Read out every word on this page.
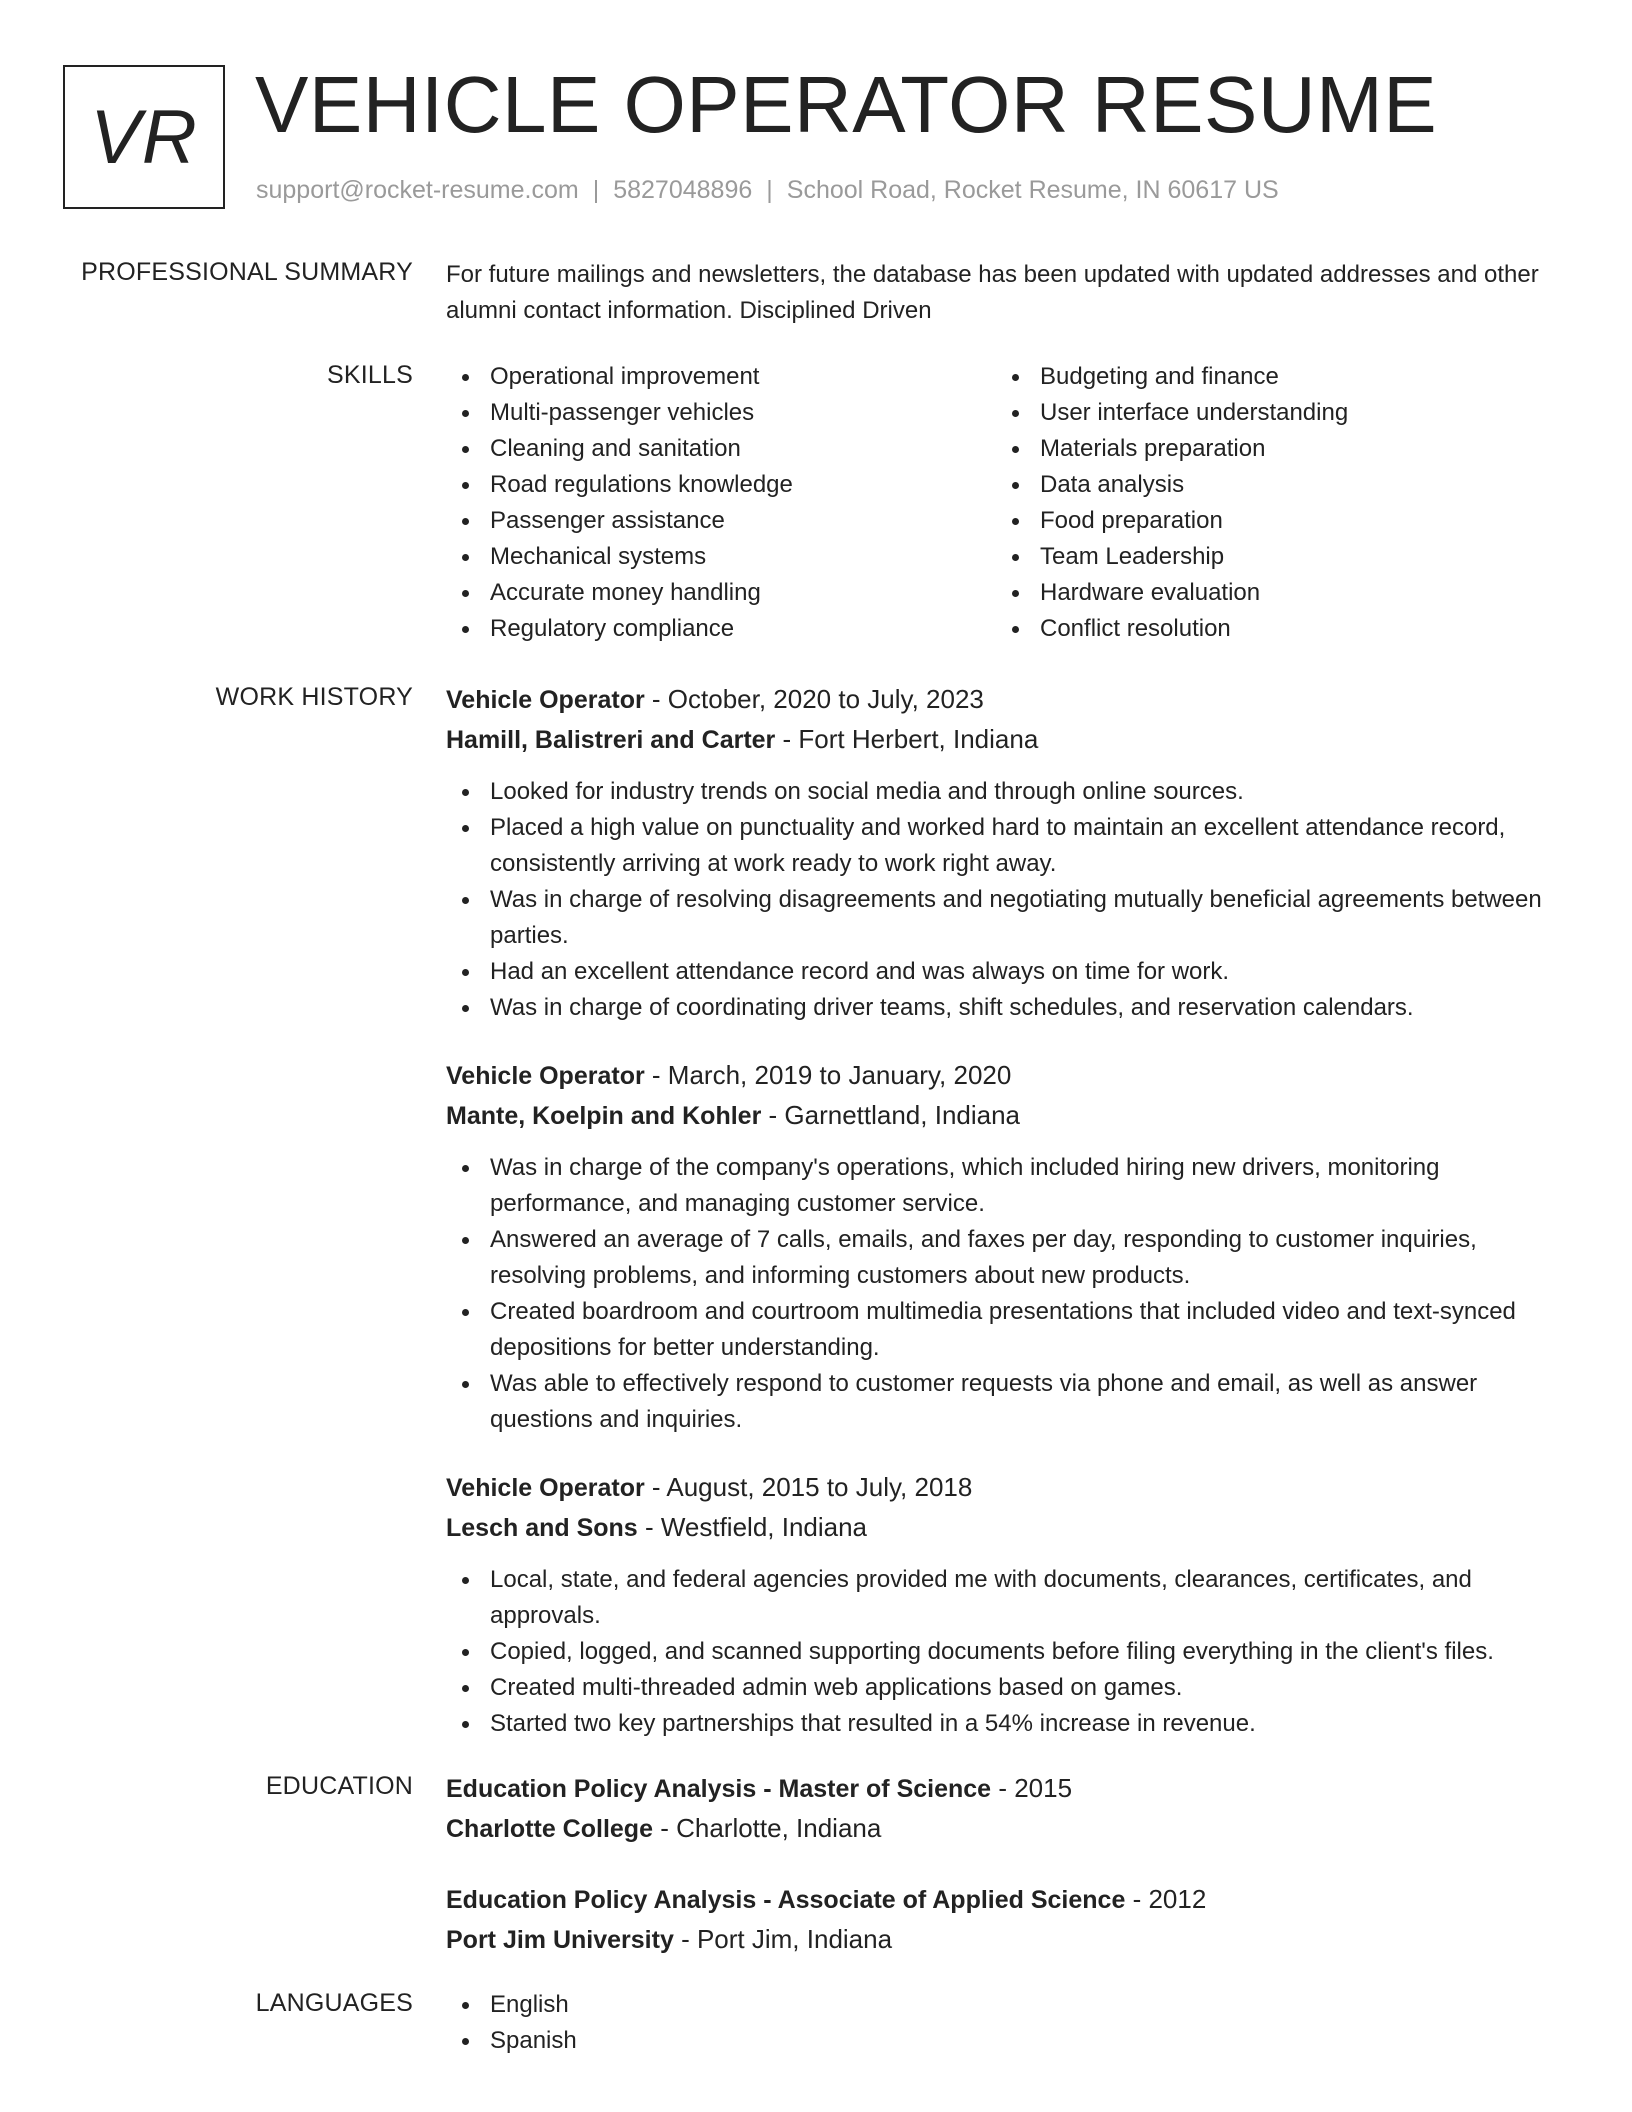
VR VEHICLE OPERATOR RESUME
support@rocket-resume.com | 5827048896 | School Road, Rocket Resume, IN 60617 US
PROFESSIONAL SUMMARY For future mailings and newsletters, the database has been updated with updated addresses and other alumni contact information. Disciplined Driven
SKILLS	Operational improvement
Multi-passenger vehicles
Cleaning and sanitation
Road regulations knowledge
Passenger assistance
Mechanical systems
Accurate money handling
Regulatory compliance
Budgeting and finance
User interface understanding
Materials preparation
Data analysis
Food preparation
Team Leadership
Hardware evaluation
Conflict resolution
WORK HISTORY Vehicle Operator - October, 2020 to July, 2023
Hamill, Balistreri and Carter - Fort Herbert, Indiana
Looked for industry trends on social media and through online sources.
Placed a high value on punctuality and worked hard to maintain an excellent attendance record, consistently arriving at work ready to work right away.
Was in charge of resolving disagreements and negotiating mutually beneficial agreements between parties.
Had an excellent attendance record and was always on time for work.
Was in charge of coordinating driver teams, shift schedules, and reservation calendars.
Vehicle Operator - March, 2019 to January, 2020
Mante, Koelpin and Kohler - Garnettland, Indiana
Was in charge of the company's operations, which included hiring new drivers, monitoring performance, and managing customer service.
Answered an average of 7 calls, emails, and faxes per day, responding to customer inquiries, resolving problems, and informing customers about new products.
Created boardroom and courtroom multimedia presentations that included video and text-synced depositions for better understanding.
Was able to effectively respond to customer requests via phone and email, as well as answer questions and inquiries.
Vehicle Operator - August, 2015 to July, 2018
Lesch and Sons - Westfield, Indiana
Local, state, and federal agencies provided me with documents, clearances, certificates, and approvals.
Copied, logged, and scanned supporting documents before filing everything in the client's files.
Created multi-threaded admin web applications based on games.
Started two key partnerships that resulted in a 54% increase in revenue.
EDUCATION Education Policy Analysis - Master of Science - 2015
Charlotte College - Charlotte, Indiana
Education Policy Analysis - Associate of Applied Science - 2012
Port Jim University - Port Jim, Indiana
LANGUAGES	English
Spanish
